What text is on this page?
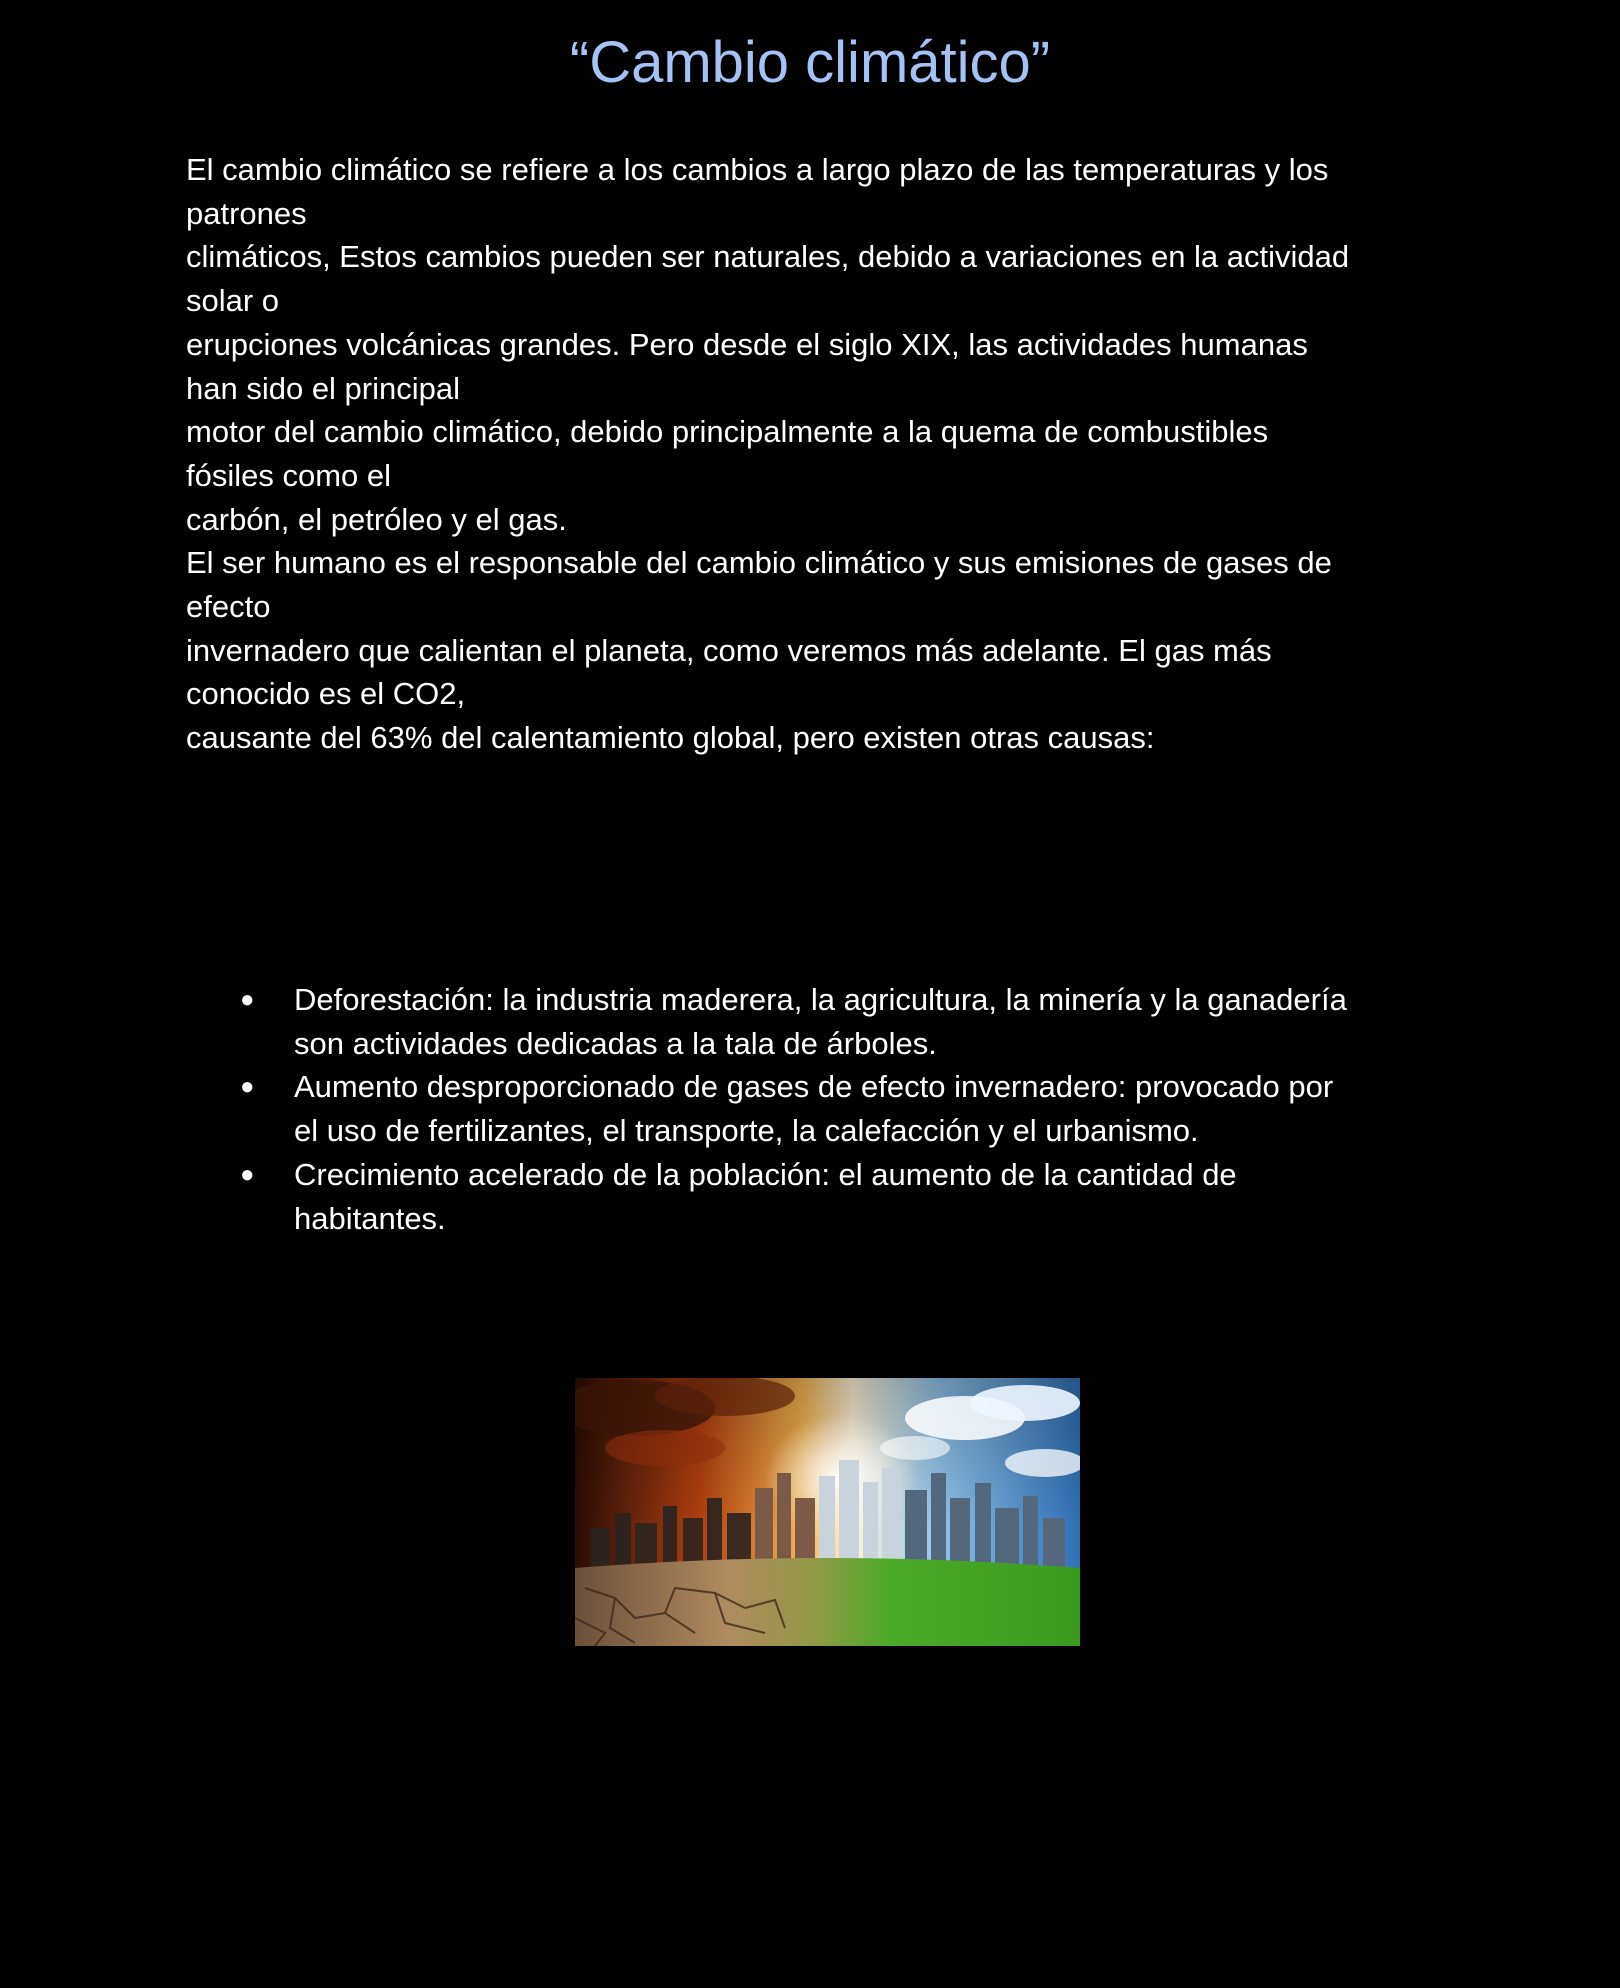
“Cambio climático”
El cambio climático se refiere a los cambios a largo plazo de las temperaturas y los
patrones
climáticos, Estos cambios pueden ser naturales, debido a variaciones en la actividad
solar o
erupciones volcánicas grandes. Pero desde el siglo XIX, las actividades humanas
han sido el principal
motor del cambio climático, debido principalmente a la quema de combustibles
fósiles como el
carbón, el petróleo y el gas.
El ser humano es el responsable del cambio climático y sus emisiones de gases de
efecto
invernadero que calientan el planeta, como veremos más adelante. El gas más
conocido es el CO2,
causante del 63% del calentamiento global, pero existen otras causas:
● Deforestación: la industria maderera, la agricultura, la minería y la ganadería
son actividades dedicadas a la tala de árboles.
● Aumento desproporcionado de gases de efecto invernadero: provocado por
el uso de fertilizantes, el transporte, la calefacción y el urbanismo.
● Crecimiento acelerado de la población: el aumento de la cantidad de
habitantes.
